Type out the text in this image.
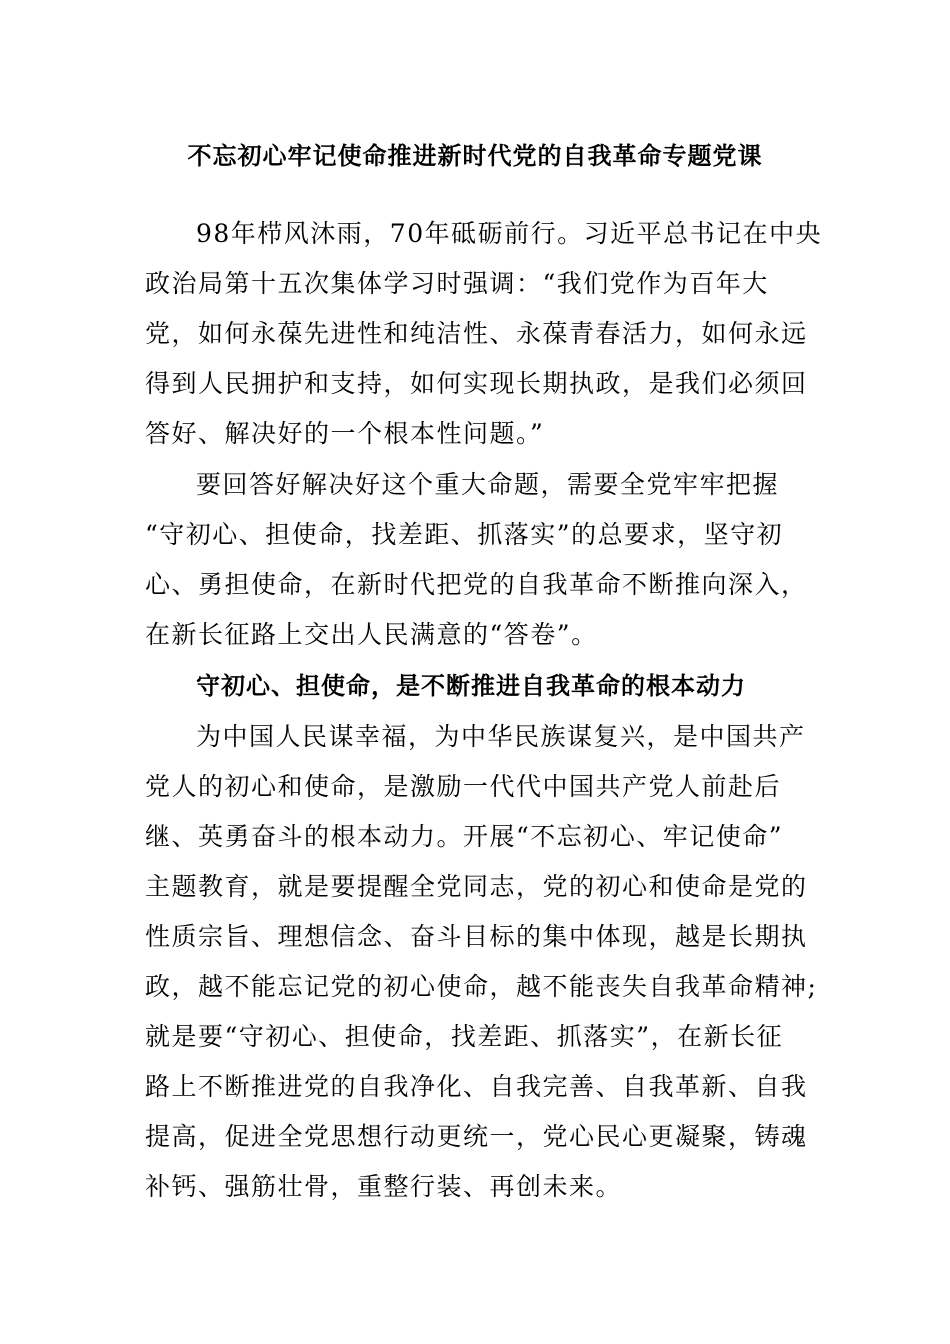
不忘初心牢记使命推进新时代党的自我革命专题党课
98年栉风沐雨，70年砥砺前行。习近平总书记在中央
政治局第十五次集体学习时强调：“我们党作为百年大
党，如何永葆先进性和纯洁性、永葆青春活力，如何永远
得到人民拥护和支持，如何实现长期执政，是我们必须回
答好、解决好的一个根本性问题。”
要回答好解决好这个重大命题，需要全党牢牢把握
“守初心、担使命，找差距、抓落实”的总要求，坚守初
心、勇担使命，在新时代把党的自我革命不断推向深入，
在新长征路上交出人民满意的“答卷”。
守初心、担使命，是不断推进自我革命的根本动力
为中国人民谋幸福，为中华民族谋复兴，是中国共产
党人的初心和使命，是激励一代代中国共产党人前赴后
继、英勇奋斗的根本动力。开展“不忘初心、牢记使命”
主题教育，就是要提醒全党同志，党的初心和使命是党的
性质宗旨、理想信念、奋斗目标的集中体现，越是长期执
政，越不能忘记党的初心使命，越不能丧失自我革命精神;
就是要“守初心、担使命，找差距、抓落实”，在新长征
路上不断推进党的自我净化、自我完善、自我革新、自我
提高，促进全党思想行动更统一，党心民心更凝聚，铸魂
补钙、强筋壮骨，重整行装、再创未来。
